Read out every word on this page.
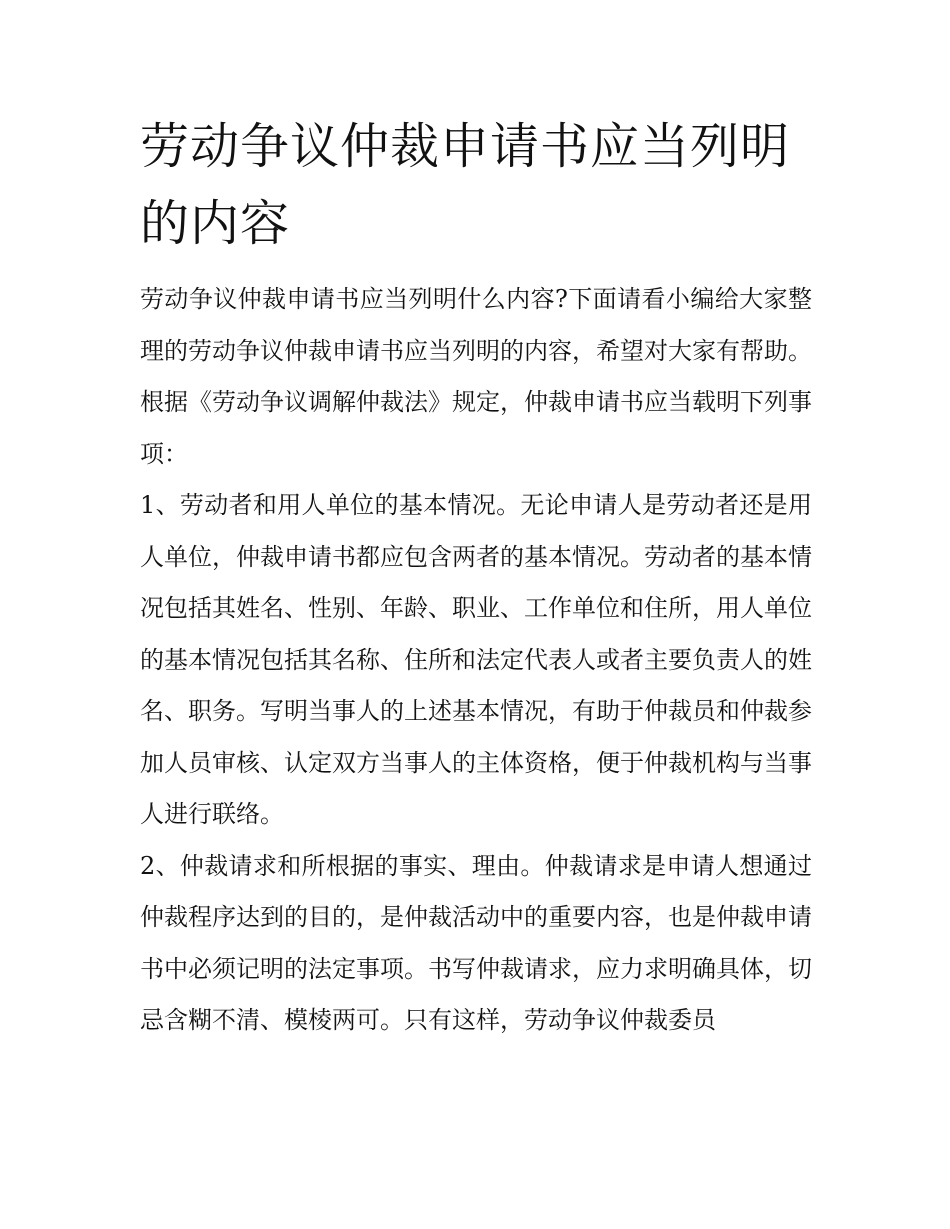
劳动争议仲裁申请书应当列明的内容

劳动争议仲裁申请书应当列明什么内容?下面请看小编给大家整理的劳动争议仲裁申请书应当列明的内容，希望对大家有帮助。

根据《劳动争议调解仲裁法》规定，仲裁申请书应当载明下列事项：

1、劳动者和用人单位的基本情况。无论申请人是劳动者还是用人单位，仲裁申请书都应包含两者的基本情况。劳动者的基本情况包括其姓名、性别、年龄、职业、工作单位和住所，用人单位的基本情况包括其名称、住所和法定代表人或者主要负责人的姓名、职务。写明当事人的上述基本情况，有助于仲裁员和仲裁参加人员审核、认定双方当事人的主体资格，便于仲裁机构与当事人进行联络。

2、仲裁请求和所根据的事实、理由。仲裁请求是申请人想通过仲裁程序达到的目的，是仲裁活动中的重要内容，也是仲裁申请书中必须记明的法定事项。书写仲裁请求，应力求明确具体，切忌含糊不清、模棱两可。只有这样，劳动争议仲裁委员
